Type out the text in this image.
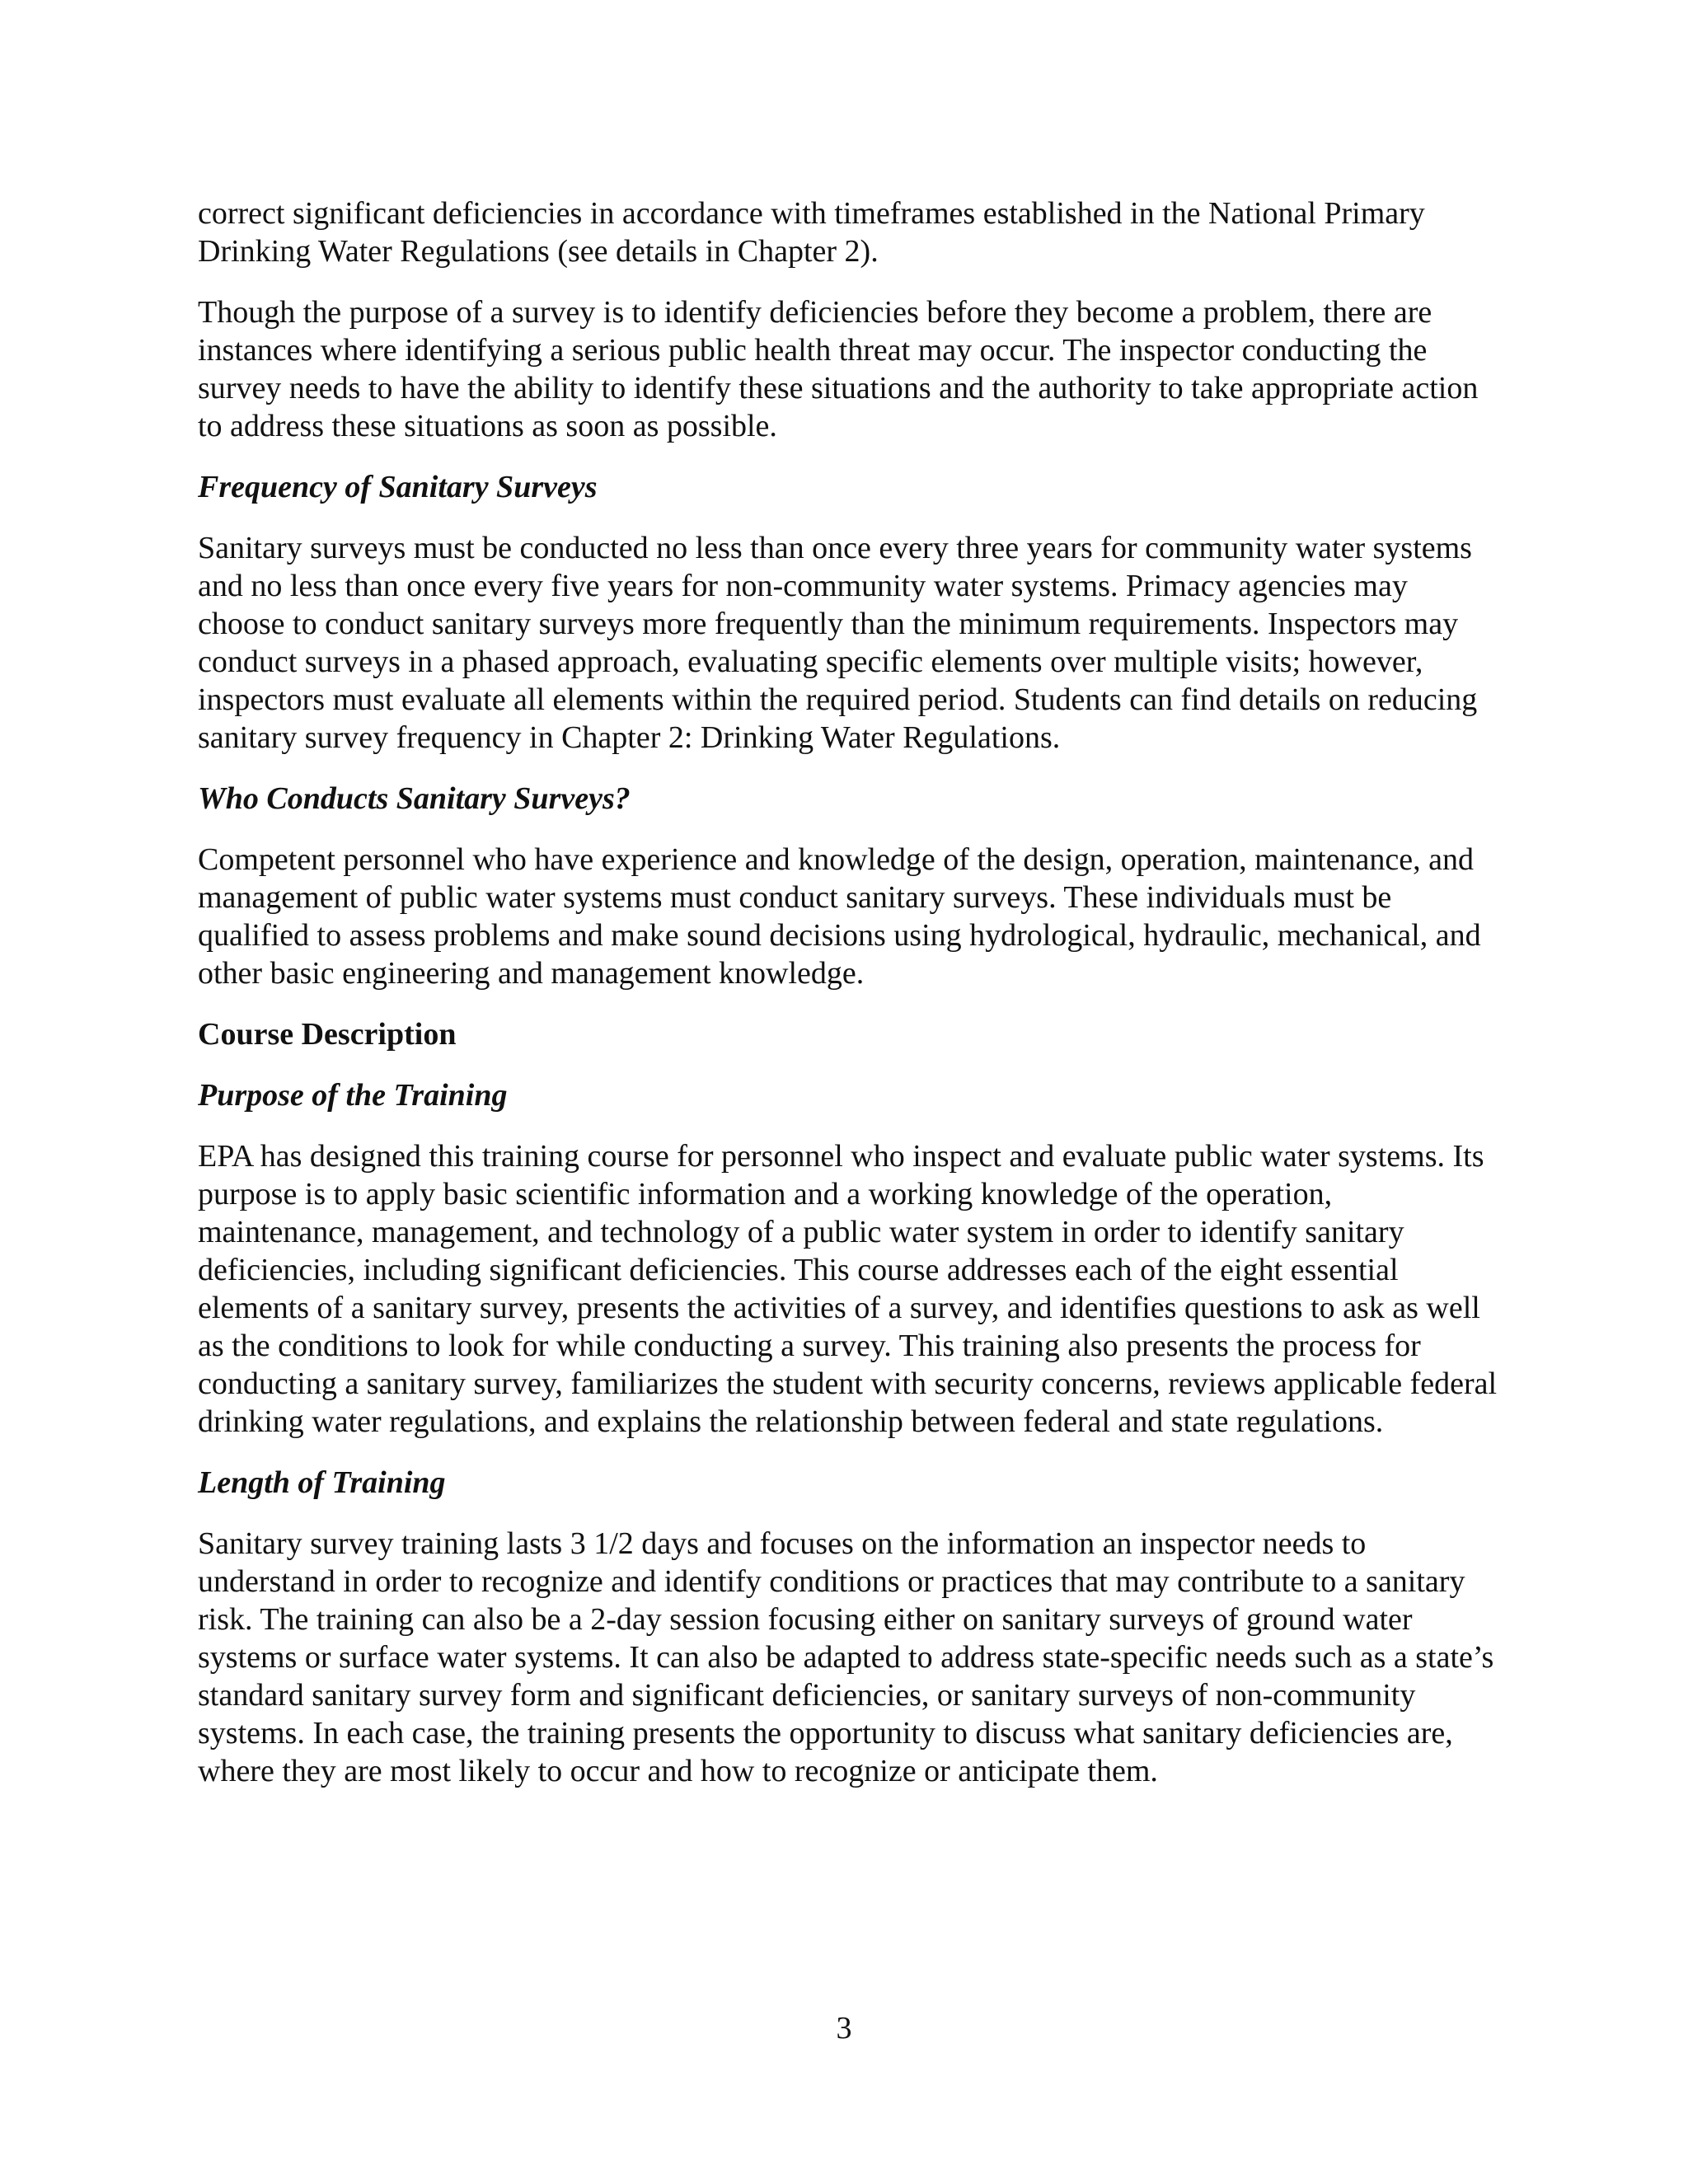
correct significant deficiencies in accordance with timeframes established in the National Primary Drinking Water Regulations (see details in Chapter 2).

Though the purpose of a survey is to identify deficiencies before they become a problem, there are instances where identifying a serious public health threat may occur. The inspector conducting the survey needs to have the ability to identify these situations and the authority to take appropriate action to address these situations as soon as possible.

Frequency of Sanitary Surveys

Sanitary surveys must be conducted no less than once every three years for community water systems and no less than once every five years for non-community water systems. Primacy agencies may choose to conduct sanitary surveys more frequently than the minimum requirements. Inspectors may conduct surveys in a phased approach, evaluating specific elements over multiple visits; however, inspectors must evaluate all elements within the required period. Students can find details on reducing sanitary survey frequency in Chapter 2: Drinking Water Regulations.

Who Conducts Sanitary Surveys?

Competent personnel who have experience and knowledge of the design, operation, maintenance, and management of public water systems must conduct sanitary surveys. These individuals must be qualified to assess problems and make sound decisions using hydrological, hydraulic, mechanical, and other basic engineering and management knowledge.

Course Description

Purpose of the Training

EPA has designed this training course for personnel who inspect and evaluate public water systems. Its purpose is to apply basic scientific information and a working knowledge of the operation, maintenance, management, and technology of a public water system in order to identify sanitary deficiencies, including significant deficiencies. This course addresses each of the eight essential elements of a sanitary survey, presents the activities of a survey, and identifies questions to ask as well as the conditions to look for while conducting a survey. This training also presents the process for conducting a sanitary survey, familiarizes the student with security concerns, reviews applicable federal drinking water regulations, and explains the relationship between federal and state regulations.

Length of Training

Sanitary survey training lasts 3 1/2 days and focuses on the information an inspector needs to understand in order to recognize and identify conditions or practices that may contribute to a sanitary risk. The training can also be a 2-day session focusing either on sanitary surveys of ground water systems or surface water systems. It can also be adapted to address state-specific needs such as a state’s standard sanitary survey form and significant deficiencies, or sanitary surveys of non-community systems. In each case, the training presents the opportunity to discuss what sanitary deficiencies are, where they are most likely to occur and how to recognize or anticipate them.

3
